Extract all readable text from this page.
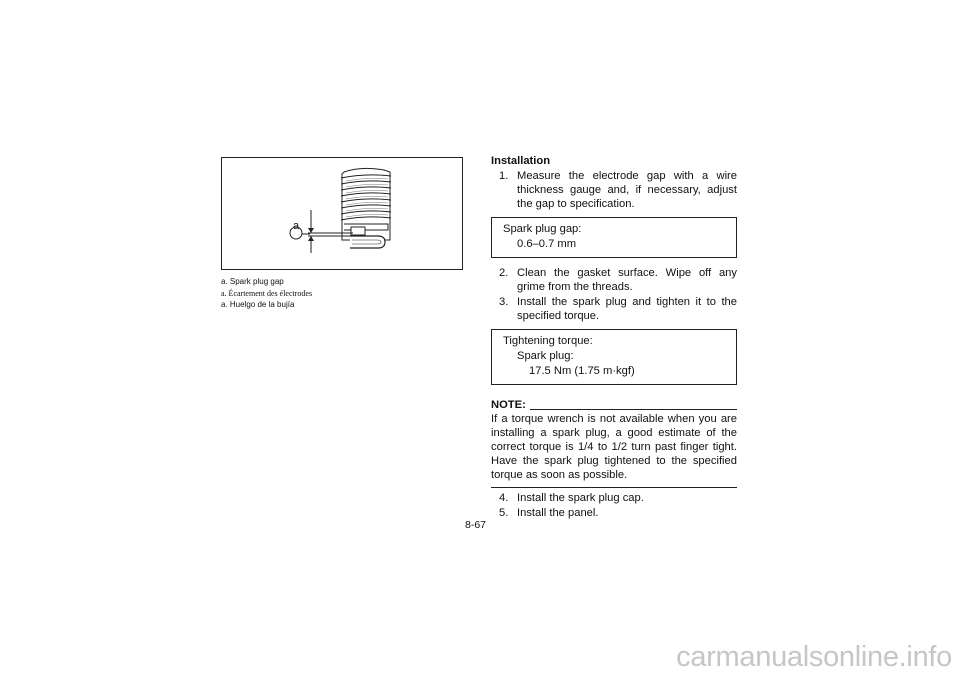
a
a. Spark plug gap
a. Écartement des électrodes
a. Huelgo de la bujía
Installation
1. Measure the electrode gap with a wire thickness gauge and, if necessary, adjust the gap to specification.
Spark plug gap:
0.6–0.7 mm
2. Clean the gasket surface. Wipe off any grime from the threads.
3. Install the spark plug and tighten it to the specified torque.
Tightening torque:
Spark plug:
17.5 Nm (1.75 m·kgf)
NOTE:
If a torque wrench is not available when you are installing a spark plug, a good estimate of the correct torque is 1/4 to 1/2 turn past finger tight. Have the spark plug tightened to the specified torque as soon as possible.
4. Install the spark plug cap.
5. Install the panel.
8-67
carmanualsonline.info
